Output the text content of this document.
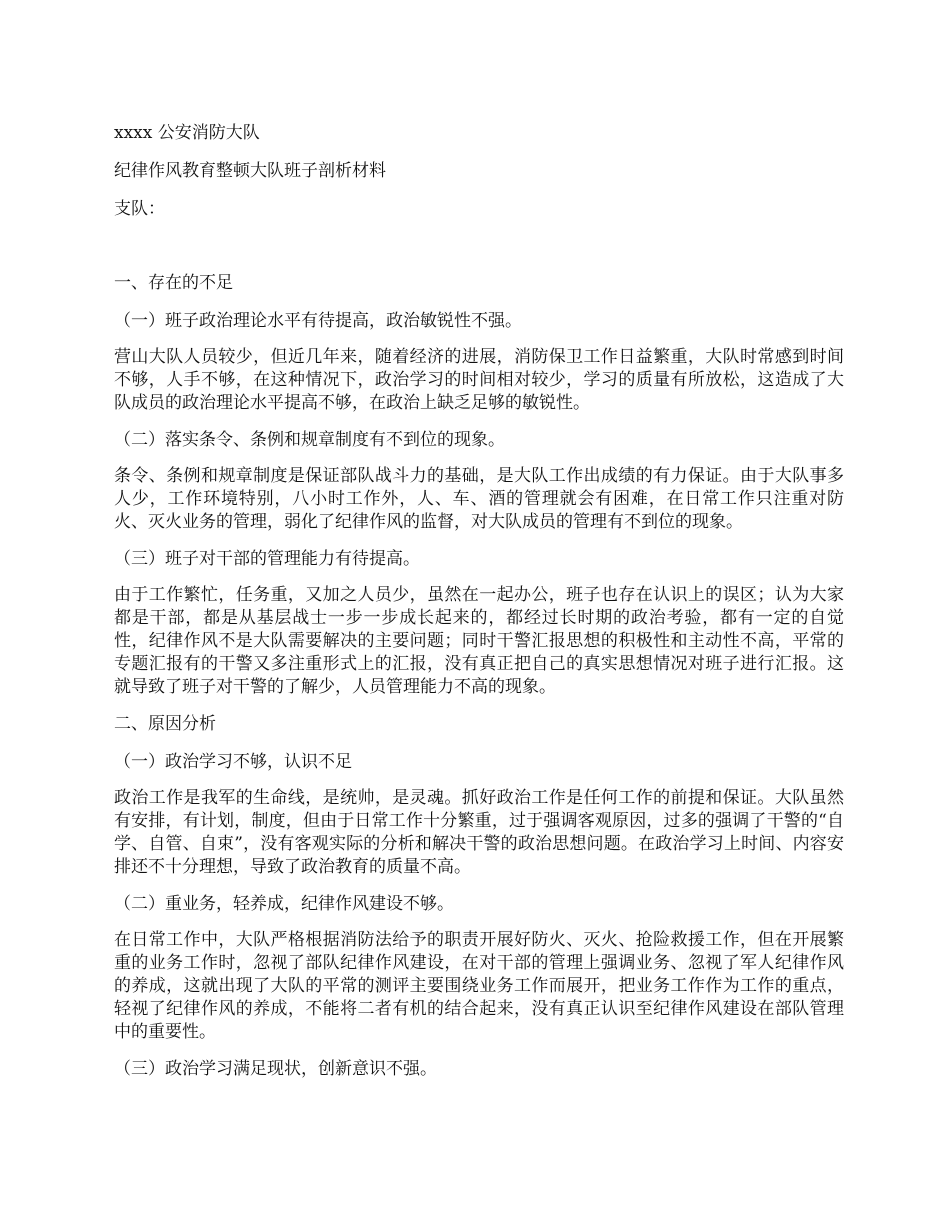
xxxx 公安消防大队

纪律作风教育整顿大队班子剖析材料

支队：

一、存在的不足

（一）班子政治理论水平有待提高，政治敏锐性不强。

营山大队人员较少，但近几年来，随着经济的进展，消防保卫工作日益繁重，大队时常感到时间不够，人手不够，在这种情况下，政治学习的时间相对较少，学习的质量有所放松，这造成了大队成员的政治理论水平提高不够，在政治上缺乏足够的敏锐性。

（二）落实条令、条例和规章制度有不到位的现象。

条令、条例和规章制度是保证部队战斗力的基础，是大队工作出成绩的有力保证。由于大队事多人少，工作环境特别，八小时工作外，人、车、酒的管理就会有困难，在日常工作只注重对防火、灭火业务的管理，弱化了纪律作风的监督，对大队成员的管理有不到位的现象。

（三）班子对干部的管理能力有待提高。

由于工作繁忙，任务重，又加之人员少，虽然在一起办公，班子也存在认识上的误区；认为大家都是干部，都是从基层战士一步一步成长起来的，都经过长时期的政治考验，都有一定的自觉性，纪律作风不是大队需要解决的主要问题；同时干警汇报思想的积极性和主动性不高，平常的专题汇报有的干警又多注重形式上的汇报，没有真正把自己的真实思想情况对班子进行汇报。这就导致了班子对干警的了解少，人员管理能力不高的现象。

二、原因分析

（一）政治学习不够，认识不足

政治工作是我军的生命线，是统帅，是灵魂。抓好政治工作是任何工作的前提和保证。大队虽然有安排，有计划，制度，但由于日常工作十分繁重，过于强调客观原因，过多的强调了干警的“自学、自管、自束”，没有客观实际的分析和解决干警的政治思想问题。在政治学习上时间、内容安排还不十分理想，导致了政治教育的质量不高。

（二）重业务，轻养成，纪律作风建设不够。

在日常工作中，大队严格根据消防法给予的职责开展好防火、灭火、抢险救援工作，但在开展繁重的业务工作时，忽视了部队纪律作风建设，在对干部的管理上强调业务、忽视了军人纪律作风的养成，这就出现了大队的平常的测评主要围绕业务工作而展开，把业务工作作为工作的重点，轻视了纪律作风的养成，不能将二者有机的结合起来，没有真正认识至纪律作风建设在部队管理中的重要性。

（三）政治学习满足现状，创新意识不强。
